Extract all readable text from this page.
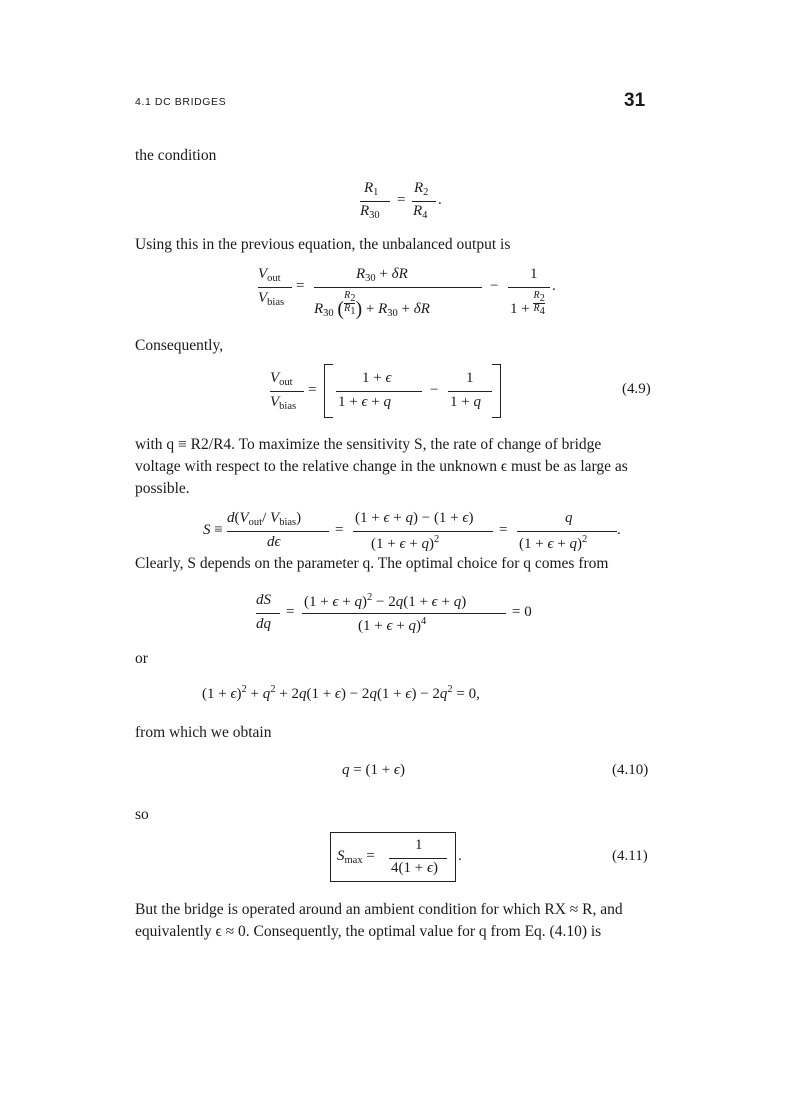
4.1 DC BRIDGES	31
the condition
$R_1$
$R_{30}$
=
$R_2$
$R_4$
.
Using this in the previous equation, the unbalanced output is
$V_{out}$
$V_{bias}$
=
$R_{30} + \delta R$
$R_{30}$ ($R_2$
$R_1) + R_{30} + \delta R$
−
1
$1 + R_2$
$R_4$
.
Consequently,
$V_{out}$
$V_{bias}$
=
1 + ϵ
1 + ϵ + q
−
1
1 + q
(4.9)
with q ≡ R2/R4. To maximize the sensitivity S, the rate of change of bridge
voltage with respect to the relative change in the unknown ϵ must be as large as
possible.
S ≡
$d(V_{out}/$ $V_{bias}$)
dϵ
=
(1 + ϵ + q) − (1 + ϵ)
$(1 + \epsilon + q)^2$
=
q
$(1 + \epsilon + q)^2$
.
Clearly, S depends on the parameter q. The optimal choice for q comes from
dS
dq
=
$(1 + \epsilon + q)^2 - 2q(1 + \epsilon + q)$
$(1 + \epsilon + q)^4$
= 0
or
$(1 + \epsilon)^2 + q^2 + 2q(1 + \epsilon) - 2q(1 + \epsilon) - 2q^2 = 0$,
from which we obtain
q = (1 + ϵ)	(4.10)
so
$S_{max}$ =
1
4(1 + ϵ)
.	(4.11)
But the bridge is operated around an ambient condition for which RX ≈ R, and
equivalently ϵ ≈ 0. Consequently, the optimal value for q from Eq. (4.10) is
